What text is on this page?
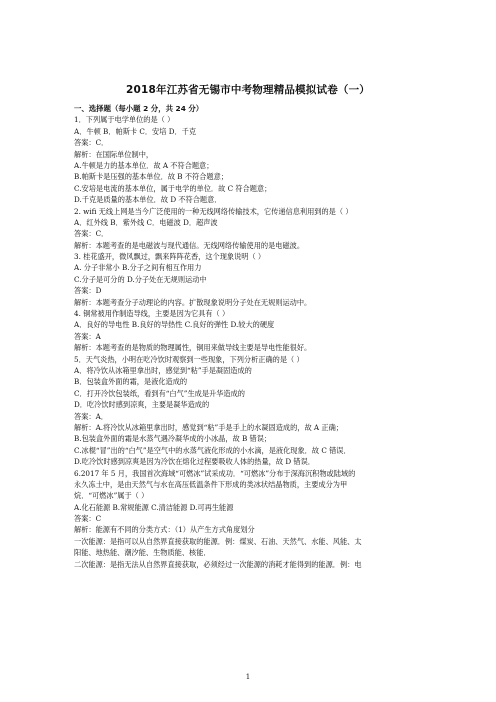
2018年江苏省无锡市中考物理精品模拟试卷（一）
一、选择题（每小题 2 分，共 24 分）
1．下列属于电学单位的是（ ）
A．牛顿 B．帕斯卡 C．安培 D．千克
答案：C．
解析：在国际单位制中，
A.牛顿是力的基本单位．故 A 不符合题意；
B.帕斯卡是压强的基本单位．故 B 不符合题意；
C.安培是电流的基本单位，属于电学的单位．故 C 符合题意；
D.千克是质量的基本单位．故 D 不符合题意．
2. wifi 无线上网是当今广泛使用的一种无线网络传输技术，它传递信息利用到的是（ ）
A．红外线 B．紫外线 C．电磁波 D．超声波
答案：C．
解析：本题考查的是电磁波与现代通信。无线网络传输使用的是电磁波。
3. 桂花盛开，微风飘过，飘来阵阵花香，这个现象说明（ ）
A. 分子非常小 B.分子之间有相互作用力
C.分子是可分的 D.分子处在无规则运动中
答案：D
解析：本题考查分子动理论的内容。扩散现象说明分子处在无规则运动中。
4. 铜常被用作制造导线，主要是因为它具有（ ）
A．良好的导电性 B.良好的导热性 C.良好的弹性 D.较大的硬度
答案：A
解析：本题考查的是物质的物理属性，铜用来做导线主要是导电性能很好。
5．天气炎热，小明在吃冷饮时观察到一些现象，下列分析正确的是（ ）
A．将冷饮从冰箱里拿出时，感觉到“粘”手是凝固造成的
B．包装盒外面的霜，是液化造成的
C．打开冷饮包装纸，看到有“白气”生成是升华造成的
D．吃冷饮时感到凉爽，主要是凝华造成的
答案：A．
解析：A.将冷饮从冰箱里拿出时，感觉到“粘”手是手上的水凝固造成的，故 A 正确；
B.包装盒外面的霜是水蒸气遇冷凝华成的小冰晶，故 B 错误；
C.冰棍“冒”出的“白气”是空气中的水蒸气液化形成的小水滴，是液化现象．故 C 错误．
D.吃冷饮时感到凉爽是因为冷饮在熔化过程要吸收人体的热量，故 D 错误．
6.2017 年 5 月，我国首次海域“可燃冰”试采成功．“可燃冰”分布于深海沉积物或陆域的
永久冻土中，是由天然气与水在高压低温条件下形成的类冰状结晶物质，主要成分为甲
烷．“可燃冰”属于（ ）
A.化石能源 B.常规能源 C.清洁能源 D.可再生能源
答案：C
解析：能源有不同的分类方式：（1）从产生方式角度划分
一次能源：是指可以从自然界直接获取的能源．例：煤炭、石油、天然气、水能、风能、太
阳能、地热能、潮汐能、生物质能、核能．
二次能源：是指无法从自然界直接获取，必须经过一次能源的消耗才能得到的能源．例：电
1
